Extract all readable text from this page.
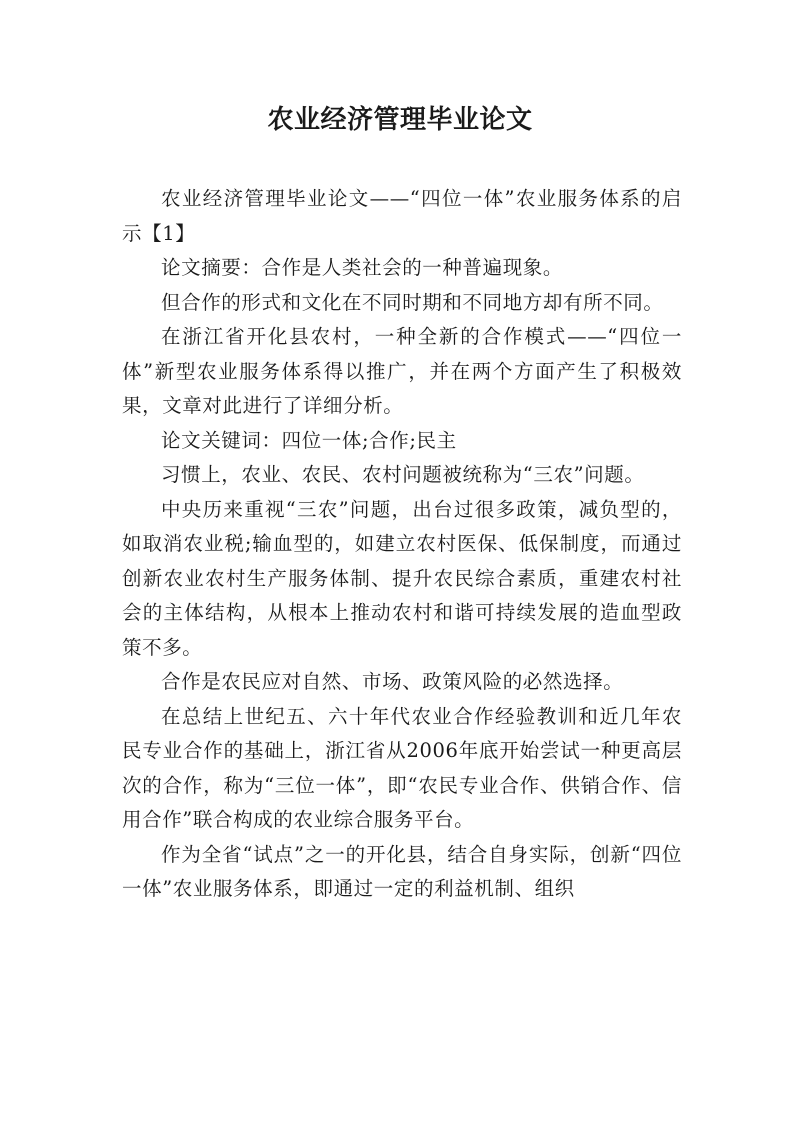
农业经济管理毕业论文

农业经济管理毕业论文——“四位一体”农业服务体系的启示【1】

论文摘要：合作是人类社会的一种普遍现象。

但合作的形式和文化在不同时期和不同地方却有所不同。

在浙江省开化县农村，一种全新的合作模式——“四位一体”新型农业服务体系得以推广，并在两个方面产生了积极效果，文章对此进行了详细分析。

论文关键词：四位一体;合作;民主

习惯上，农业、农民、农村问题被统称为“三农”问题。

中央历来重视“三农”问题，出台过很多政策，减负型的，如取消农业税;输血型的，如建立农村医保、低保制度，而通过创新农业农村生产服务体制、提升农民综合素质，重建农村社会的主体结构，从根本上推动农村和谐可持续发展的造血型政策不多。

合作是农民应对自然、市场、政策风险的必然选择。

在总结上世纪五、六十年代农业合作经验教训和近几年农民专业合作的基础上，浙江省从2006年底开始尝试一种更高层次的合作，称为“三位一体”，即“农民专业合作、供销合作、信用合作”联合构成的农业综合服务平台。

作为全省“试点”之一的开化县，结合自身实际，创新“四位一体”农业服务体系，即通过一定的利益机制、组织
